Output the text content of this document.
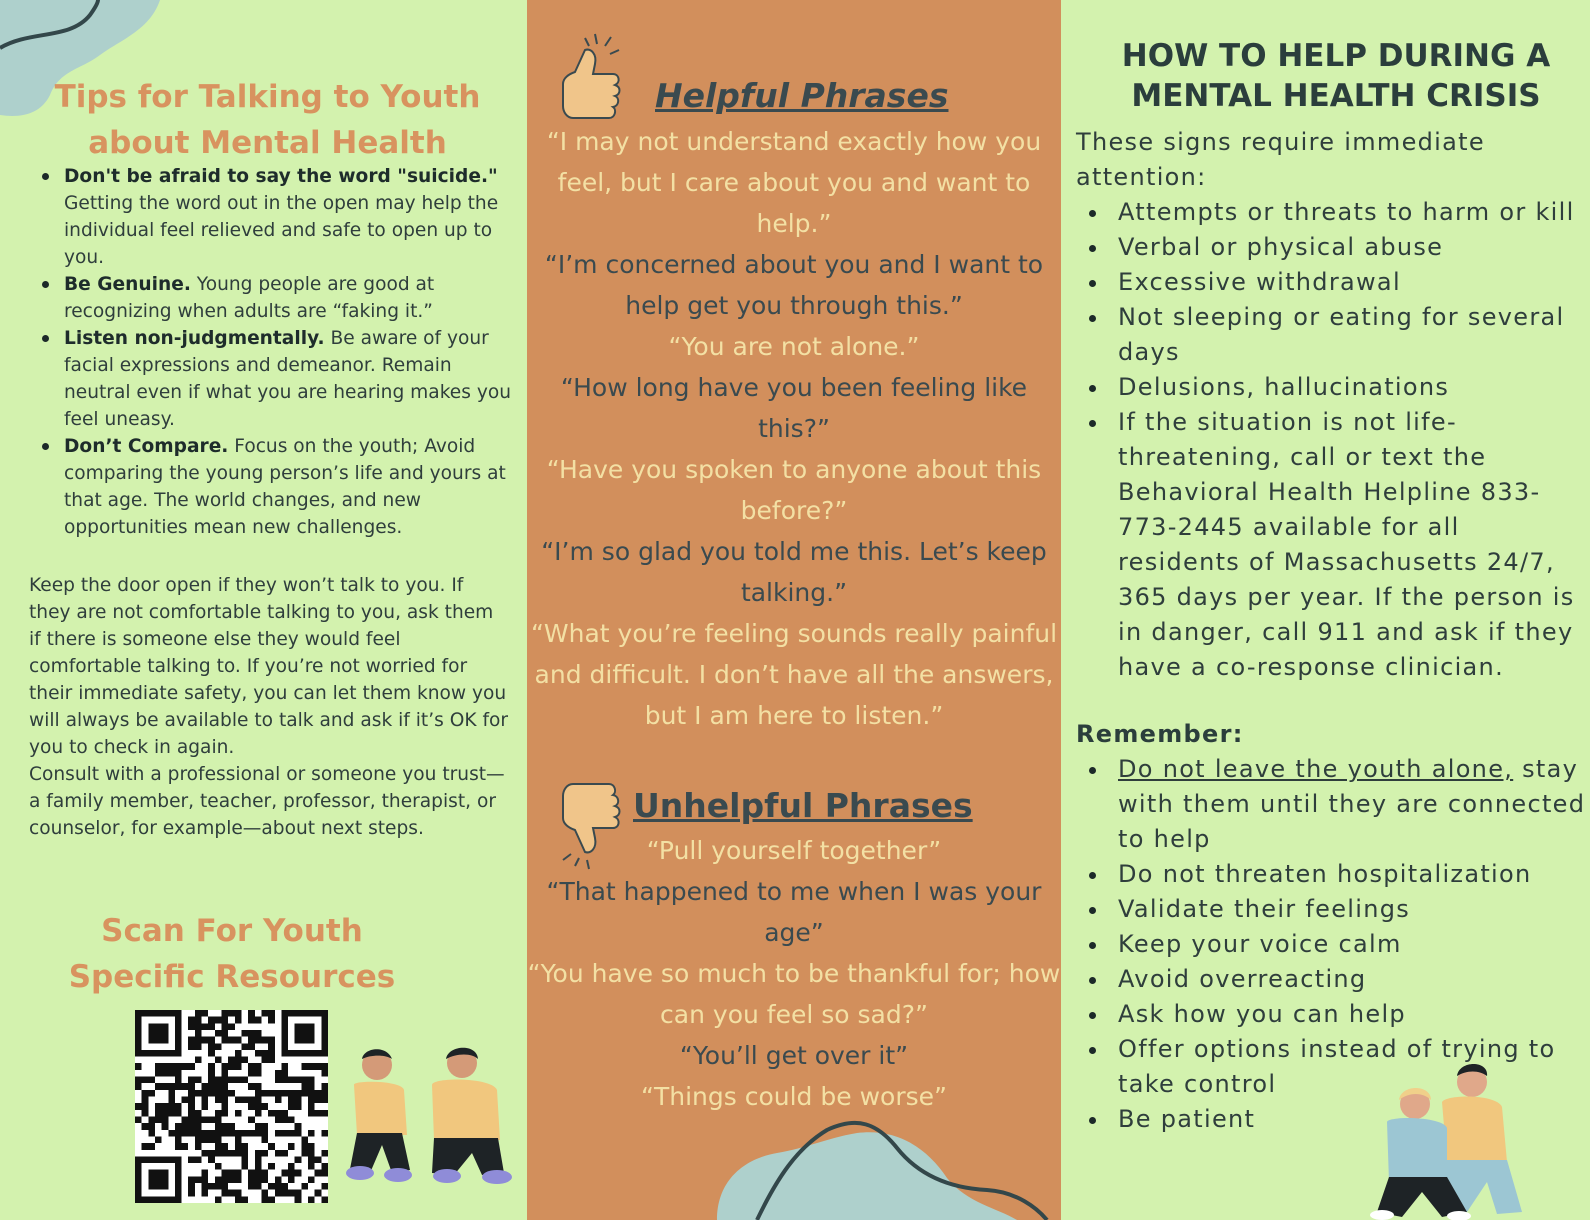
Tips for Talking to Youth about Mental Health
Don't be afraid to say the word "suicide." Getting the word out in the open may help the individual feel relieved and safe to open up to you.
Be Genuine. Young people are good at recognizing when adults are “faking it.”
Listen non-judgmentally. Be aware of your facial expressions and demeanor. Remain neutral even if what you are hearing makes you feel uneasy.
Don’t Compare. Focus on the youth; Avoid comparing the young person’s life and yours at that age. The world changes, and new opportunities mean new challenges.

Keep the door open if they won’t talk to you. If they are not comfortable talking to you, ask them if there is someone else they would feel comfortable talking to. If you’re not worried for their immediate safety, you can let them know you will always be available to talk and ask if it’s OK for you to check in again.

Consult with a professional or someone you trust—a family member, teacher, professor, therapist, or counselor, for example—about next steps.

Scan For Youth Specific Resources
Helpful Phrases

“I may not understand exactly how you feel, but I care about you and want to help.”

“I’m concerned about you and I want to help get you through this.”

“You are not alone.”

“How long have you been feeling like this?”

“Have you spoken to anyone about this before?”

“I’m so glad you told me this. Let’s keep talking.”

“What you’re feeling sounds really painful and difficult. I don’t have all the answers, but I am here to listen.”

Unhelpful Phrases

“Pull yourself together”

“That happened to me when I was your age”

“You have so much to be thankful for; how can you feel so sad?”

“You’ll get over it”

“Things could be worse”

HOW TO HELP DURING A MENTAL HEALTH CRISIS
These signs require immediate attention:
Attempts or threats to harm or kill
Verbal or physical abuse
Excessive withdrawal
Not sleeping or eating for several days
Delusions, hallucinations
If the situation is not life-threatening, call or text the Behavioral Health Helpline 833-773-2445 available for all residents of Massachusetts 24/7, 365 days per year. If the person is in danger, call 911 and ask if they have a co-response clinician.
Remember:
Do not leave the youth alone, stay with them until they are connected to help
Do not threaten hospitalization
Validate their feelings
Keep your voice calm
Avoid overreacting
Ask how you can help
Offer options instead of trying to take control
Be patient
